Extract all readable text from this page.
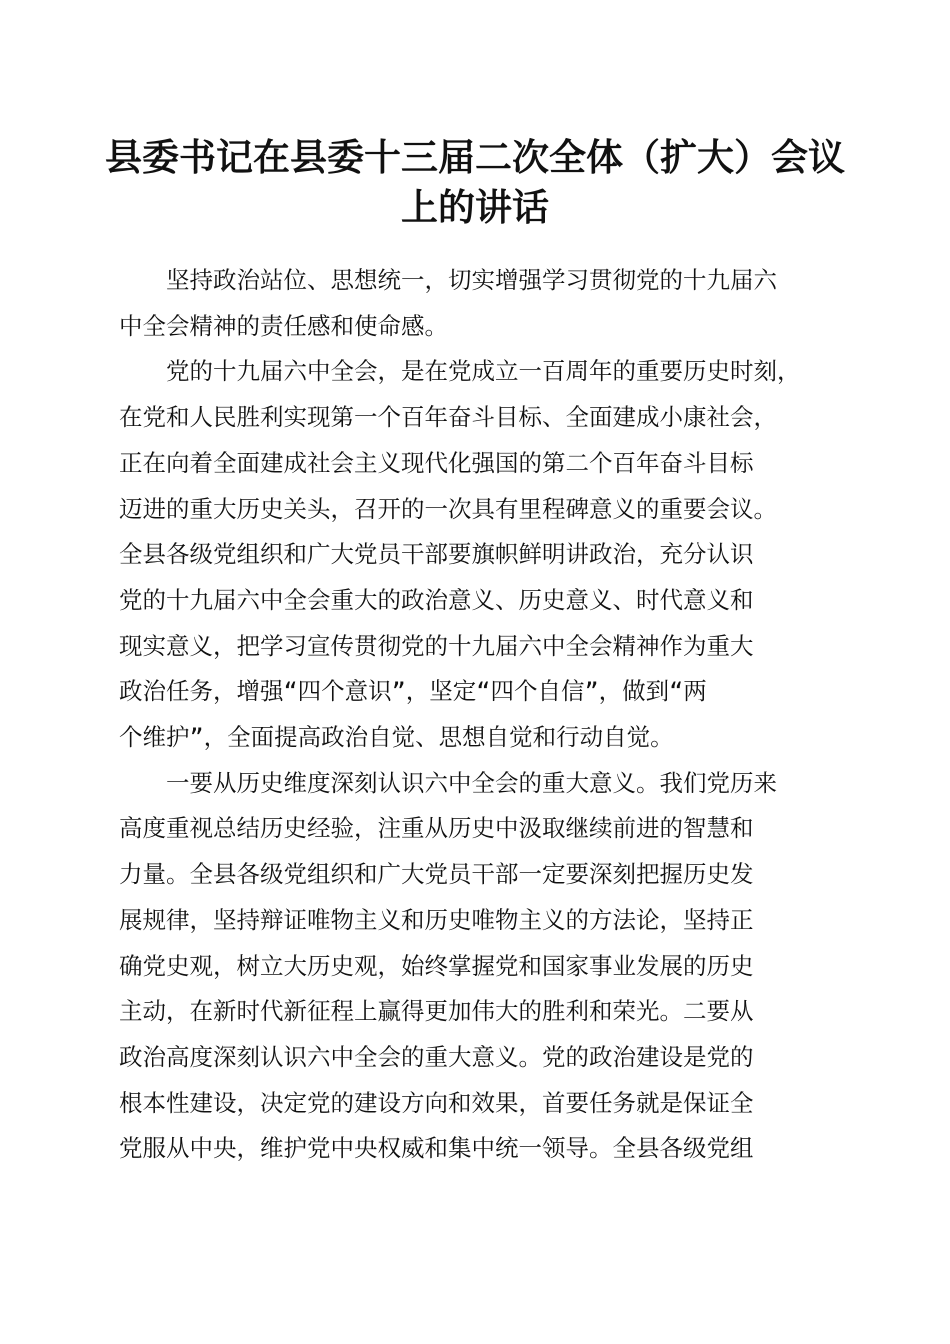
县委书记在县委十三届二次全体（扩大）会议
上的讲话

　　坚持政治站位、思想统一，切实增强学习贯彻党的十九届六
中全会精神的责任感和使命感。

　　党的十九届六中全会，是在党成立一百周年的重要历史时刻，
在党和人民胜利实现第一个百年奋斗目标、全面建成小康社会，
正在向着全面建成社会主义现代化强国的第二个百年奋斗目标
迈进的重大历史关头，召开的一次具有里程碑意义的重要会议。
全县各级党组织和广大党员干部要旗帜鲜明讲政治，充分认识
党的十九届六中全会重大的政治意义、历史意义、时代意义和
现实意义，把学习宣传贯彻党的十九届六中全会精神作为重大
政治任务，增强“四个意识”，坚定“四个自信”，做到“两
个维护”，全面提高政治自觉、思想自觉和行动自觉。

　　一要从历史维度深刻认识六中全会的重大意义。我们党历来
高度重视总结历史经验，注重从历史中汲取继续前进的智慧和
力量。全县各级党组织和广大党员干部一定要深刻把握历史发
展规律，坚持辩证唯物主义和历史唯物主义的方法论，坚持正
确党史观，树立大历史观，始终掌握党和国家事业发展的历史
主动，在新时代新征程上赢得更加伟大的胜利和荣光。二要从
政治高度深刻认识六中全会的重大意义。党的政治建设是党的
根本性建设，决定党的建设方向和效果，首要任务就是保证全
党服从中央，维护党中央权威和集中统一领导。全县各级党组
